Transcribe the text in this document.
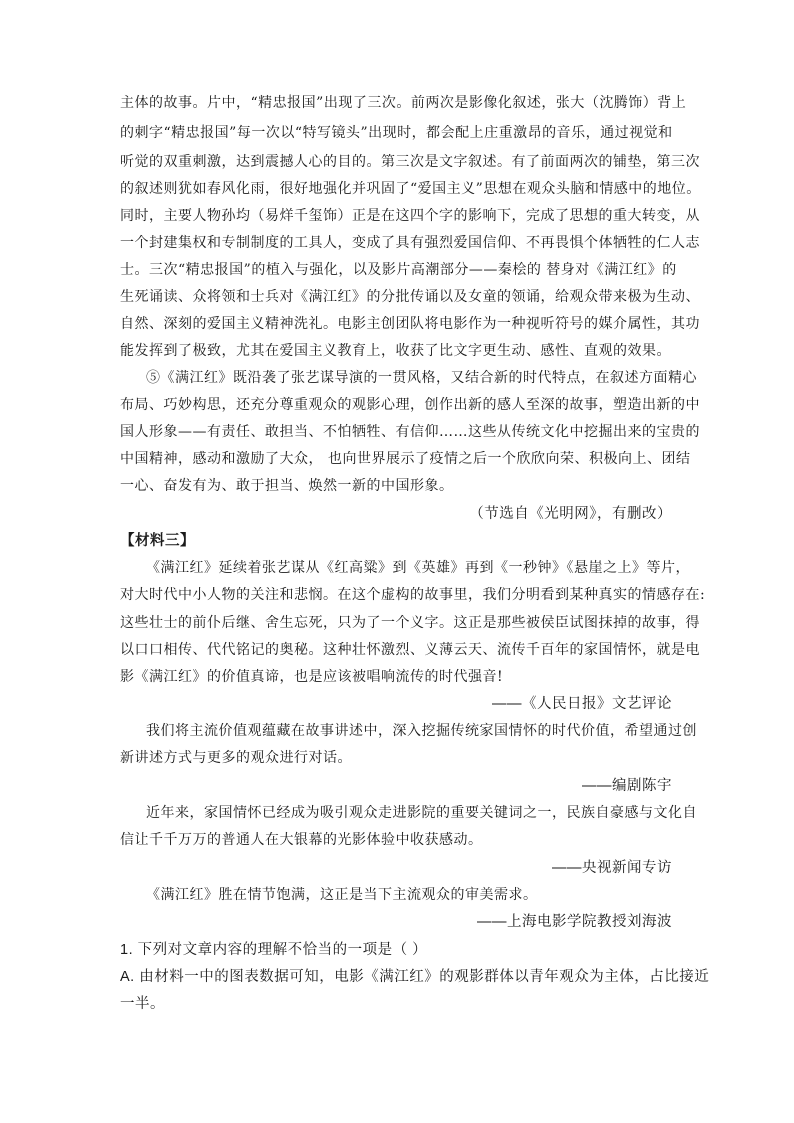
主体的故事。片中，“精忠报国”出现了三次。前两次是影像化叙述，张大（沈腾饰）背上
的刺字“精忠报国”每一次以“特写镜头”出现时，都会配上庄重激昂的音乐，通过视觉和
听觉的双重刺激，达到震撼人心的目的。第三次是文字叙述。有了前面两次的铺垫，第三次
的叙述则犹如春风化雨，很好地强化并巩固了“爱国主义”思想在观众头脑和情感中的地位。
同时，主要人物孙均（易烊千玺饰）正是在这四个字的影响下，完成了思想的重大转变，从
一个封建集权和专制制度的工具人，变成了具有强烈爱国信仰、不再畏惧个体牺牲的仁人志
士。三次“精忠报国”的植入与强化，以及影片高潮部分——秦桧的 替身对《满江红》的
生死诵读、众将领和士兵对《满江红》的分批传诵以及女童的领诵，给观众带来极为生动、
自然、深刻的爱国主义精神洗礼。电影主创团队将电影作为一种视听符号的媒介属性，其功
能发挥到了极致，尤其在爱国主义教育上，收获了比文字更生动、感性、直观的效果。
⑤《满江红》既沿袭了张艺谋导演的一贯风格，又结合新的时代特点，在叙述方面精心
布局、巧妙构思，还充分尊重观众的观影心理，创作出新的感人至深的故事，塑造出新的中
国人形象——有责任、敢担当、不怕牺牲、有信仰……这些从传统文化中挖掘出来的宝贵的
中国精神，感动和激励了大众， 也向世界展示了疫情之后一个欣欣向荣、积极向上、团结
一心、奋发有为、敢于担当、焕然一新的中国形象。
（节选自《光明网》，有删改）
【材料三】
《满江红》延续着张艺谋从《红高粱》到《英雄》再到《一秒钟》《悬崖之上》等片，
对大时代中小人物的关注和悲悯。在这个虚构的故事里，我们分明看到某种真实的情感存在:
这些壮士的前仆后继、舍生忘死，只为了一个义字。这正是那些被侯臣试图抹掉的故事，得
以口口相传、代代铭记的奥秘。这种壮怀激烈、义薄云天、流传千百年的家国情怀，就是电
影《满江红》的价值真谛，也是应该被唱响流传的时代强音!
——《人民日报》文艺评论
我们将主流价值观蕴藏在故事讲述中，深入挖掘传统家国情怀的时代价值，希望通过创
新讲述方式与更多的观众进行对话。
——编剧陈宇
近年来，家国情怀已经成为吸引观众走进影院的重要关键词之一，民族自豪感与文化自
信让千千万万的普通人在大银幕的光影体验中收获感动。
——央视新闻专访
《满江红》胜在情节饱满，这正是当下主流观众的审美需求。
——上海电影学院教授刘海波
1. 下列对文章内容的理解不恰当的一项是（ ）
A. 由材料一中的图表数据可知，电影《满江红》的观影群体以青年观众为主体，占比接近
一半。
